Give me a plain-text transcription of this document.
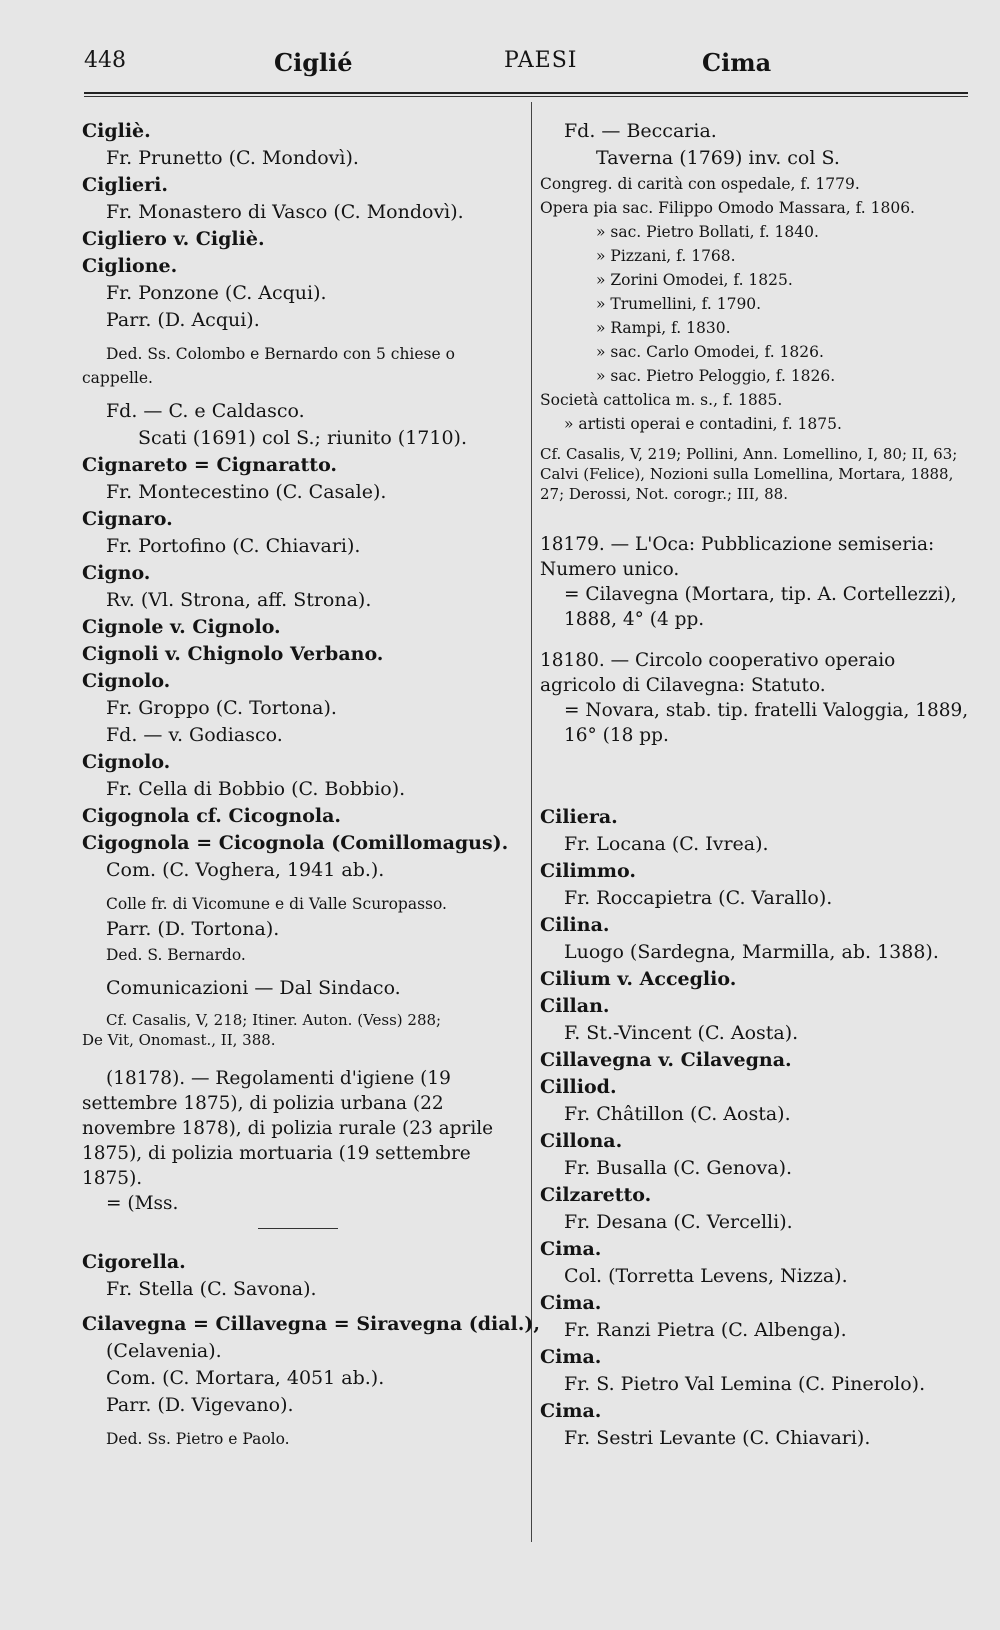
448	Ciglié	PAESI	Cima
Cigliè.
Fr. Prunetto (C. Mondovì).
Ciglieri.
Fr. Monastero di Vasco (C. Mondovì).
Cigliero v. Cigliè.
Ciglione.
Fr. Ponzone (C. Acqui).
Parr. (D. Acqui).
Ded. Ss. Colombo e Bernardo con 5 chiese o
cappelle.
Fd. — C. e Caldasco.
Scati (1691) col S.; riunito (1710).
Cignareto = Cignaratto.
Fr. Montecestino (C. Casale).
Cignaro.
Fr. Portofino (C. Chiavari).
Cigno.
Rv. (Vl. Strona, aff. Strona).
Cignole v. Cignolo.
Cignoli v. Chignolo Verbano.
Cignolo.
Fr. Groppo (C. Tortona).
Fd. — v. Godiasco.
Cignolo.
Fr. Cella di Bobbio (C. Bobbio).
Cigognola cf. Cicognola.
Cigognola = Cicognola (Comillomagus).
Com. (C. Voghera, 1941 ab.).
Colle fr. di Vicomune e di Valle Scuropasso.
Parr. (D. Tortona).
Ded. S. Bernardo.
Comunicazioni — Dal Sindaco.
Cf. Casalis, V, 218; Itiner. Auton. (Vess) 288;
De Vit, Onomast., II, 388.
(18178). — Regolamenti d'igiene (19 settembre 1875), di polizia urbana (22 novembre 1878), di polizia rurale (23 aprile 1875), di polizia mortuaria (19 settembre 1875).
= (Mss.
Cigorella.
Fr. Stella (C. Savona).
Cilavegna = Cillavegna = Siravegna (dial.),
(Celavenia).
Com. (C. Mortara, 4051 ab.).
Parr. (D. Vigevano).
Ded. Ss. Pietro e Paolo.
Fd. — Beccaria.
Taverna (1769) inv. col S.
Congreg. di carità con ospedale, f. 1779.
Opera pia sac. Filippo Omodo Massara, f. 1806.
» sac. Pietro Bollati, f. 1840.
» Pizzani, f. 1768.
» Zorini Omodei, f. 1825.
» Trumellini, f. 1790.
» Rampi, f. 1830.
» sac. Carlo Omodei, f. 1826.
» sac. Pietro Peloggio, f. 1826.
Società cattolica m. s., f. 1885.
» artisti operai e contadini, f. 1875.
Cf. Casalis, V, 219; Pollini, Ann. Lomellino, I, 80; II, 63; Calvi (Felice), Nozioni sulla Lomellina, Mortara, 1888, 27; Derossi, Not. corogr.; III, 88.
18179. — L'Oca: Pubblicazione semiseria: Numero unico.
= Cilavegna (Mortara, tip. A. Cortellezzi), 1888, 4° (4 pp.
18180. — Circolo cooperativo operaio agricolo di Cilavegna: Statuto.
= Novara, stab. tip. fratelli Valoggia, 1889, 16° (18 pp.
Ciliera.
Fr. Locana (C. Ivrea).
Cilimmo.
Fr. Roccapietra (C. Varallo).
Cilina.
Luogo (Sardegna, Marmilla, ab. 1388).
Cilium v. Acceglio.
Cillan.
F. St.-Vincent (C. Aosta).
Cillavegna v. Cilavegna.
Cilliod.
Fr. Châtillon (C. Aosta).
Cillona.
Fr. Busalla (C. Genova).
Cilzaretto.
Fr. Desana (C. Vercelli).
Cima.
Col. (Torretta Levens, Nizza).
Cima.
Fr. Ranzi Pietra (C. Albenga).
Cima.
Fr. S. Pietro Val Lemina (C. Pinerolo).
Cima.
Fr. Sestri Levante (C. Chiavari).
